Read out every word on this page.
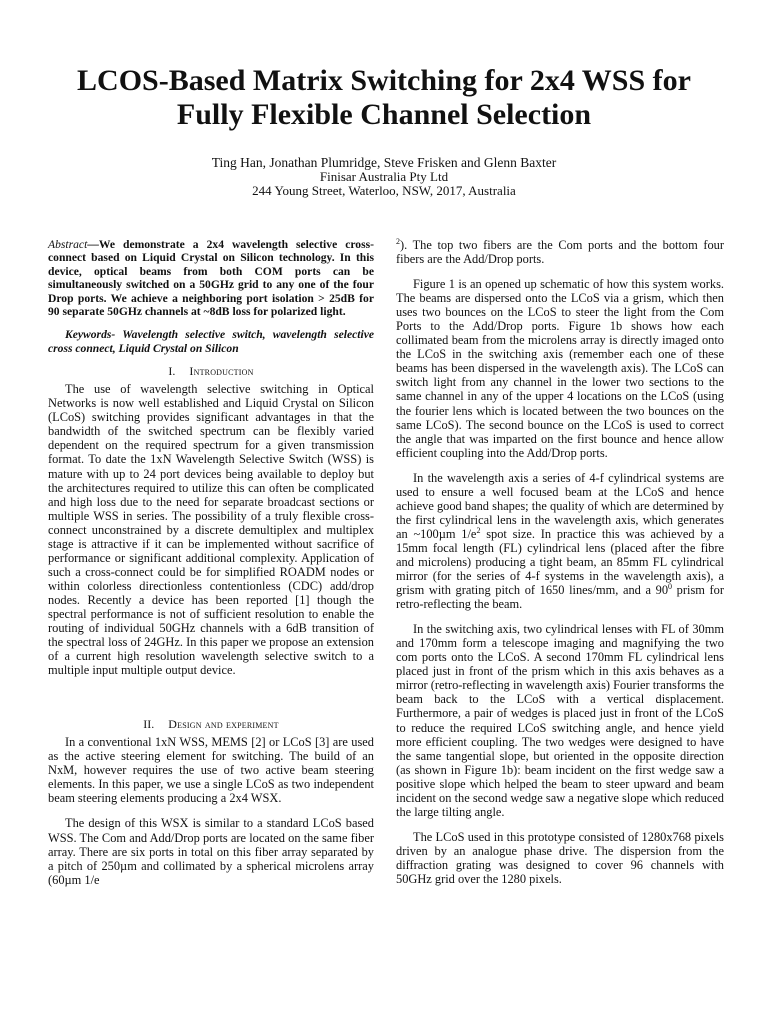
LCOS-Based Matrix Switching for 2x4 WSS for
Fully Flexible Channel Selection
Ting Han, Jonathan Plumridge, Steve Frisken and Glenn Baxter
Finisar Australia Pty Ltd
244 Young Street, Waterloo, NSW, 2017, Australia

Abstract—We demonstrate a 2x4 wavelength selective cross-connect based on Liquid Crystal on Silicon technology. In this device, optical beams from both COM ports can be simultaneously switched on a 50GHz grid to any one of the four Drop ports. We achieve a neighboring port isolation > 25dB for 90 separate 50GHz channels at ~8dB loss for polarized light.

Keywords- Wavelength selective switch, wavelength selective cross connect, Liquid Crystal on Silicon

I. Introduction

The use of wavelength selective switching in Optical Networks is now well established and Liquid Crystal on Silicon (LCoS) switching provides significant advantages in that the bandwidth of the switched spectrum can be flexibly varied dependent on the required spectrum for a given transmission format. To date the 1xN Wavelength Selective Switch (WSS) is mature with up to 24 port devices being available to deploy but the architectures required to utilize this can often be complicated and high loss due to the need for separate broadcast sections or multiple WSS in series. The possibility of a truly flexible cross- connect unconstrained by a discrete demultiplex and multiplex stage is attractive if it can be implemented without sacrifice of performance or significant additional complexity. Application of such a cross-connect could be for simplified ROADM nodes or within colorless directionless contentionless (CDC) add/drop nodes. Recently a device has been reported [1] though the spectral performance is not of sufficient resolution to enable the routing of individual 50GHz channels with a 6dB transition of the spectral loss of 24GHz. In this paper we propose an extension of a current high resolution wavelength selective switch to a multiple input multiple output device.

II. Design and experiment

In a conventional 1xN WSS, MEMS [2] or LCoS [3] are used as the active steering element for switching. The build of an NxM, however requires the use of two active beam steering elements. In this paper, we use a single LCoS as two independent beam steering elements producing a 2x4 WSX.

The design of this WSX is similar to a standard LCoS based WSS. The Com and Add/Drop ports are located on the same fiber array. There are six ports in total on this fiber array separated by a pitch of 250µm and collimated by a spherical microlens array (60µm 1/e

$^2$). The top two fibers are the Com ports and the bottom four fibers are the Add/Drop ports.

Figure 1 is an opened up schematic of how this system works. The beams are dispersed onto the LCoS via a grism, which then uses two bounces on the LCoS to steer the light from the Com Ports to the Add/Drop ports. Figure 1b shows how each collimated beam from the microlens array is directly imaged onto the LCoS in the switching axis (remember each one of these beams has been dispersed in the wavelength axis). The LCoS can switch light from any channel in the lower two sections to the same channel in any of the upper 4 locations on the LCoS (using the fourier lens which is located between the two bounces on the same LCoS). The second bounce on the LCoS is used to correct the angle that was imparted on the first bounce and hence allow efficient coupling into the Add/Drop ports.

In the wavelength axis a series of 4-f cylindrical systems are used to ensure a well focused beam at the LCoS and hence achieve good band shapes; the quality of which are determined by the first cylindrical lens in the wavelength axis, which generates an ~100µm $1/e^2$ spot size. In practice this was achieved by a 15mm focal length (FL) cylindrical lens (placed after the fibre and microlens) producing a tight beam, an 85mm FL cylindrical mirror (for the series of 4-f systems in the wavelength axis), a grism with grating pitch of 1650 lines/mm, and a $90^0$ prism for retro-reflecting the beam.

In the switching axis, two cylindrical lenses with FL of 30mm and 170mm form a telescope imaging and magnifying the two com ports onto the LCoS. A second 170mm FL cylindrical lens placed just in front of the prism which in this axis behaves as a mirror (retro-reflecting in wavelength axis) Fourier transforms the beam back to the LCoS with a vertical displacement. Furthermore, a pair of wedges is placed just in front of the LCoS to reduce the required LCoS switching angle, and hence yield more efficient coupling. The two wedges were designed to have the same tangential slope, but oriented in the opposite direction (as shown in Figure 1b): beam incident on the first wedge saw a positive slope which helped the beam to steer upward and beam incident on the second wedge saw a negative slope which reduced the large tilting angle.

The LCoS used in this prototype consisted of 1280x768 pixels driven by an analogue phase drive. The dispersion from the diffraction grating was designed to cover 96 channels with 50GHz grid over the 1280 pixels.
